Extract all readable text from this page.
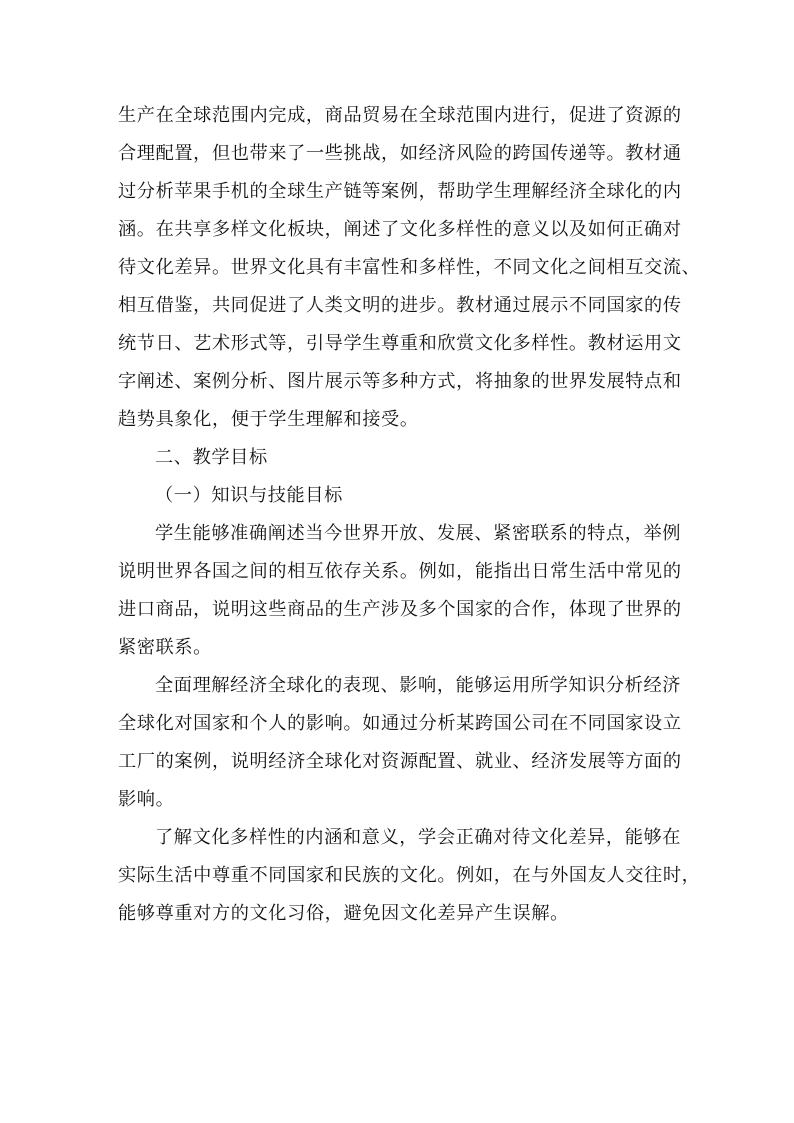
生产在全球范围内完成，商品贸易在全球范围内进行，促进了资源的
合理配置，但也带来了一些挑战，如经济风险的跨国传递等。教材通
过分析苹果手机的全球生产链等案例，帮助学生理解经济全球化的内
涵。在共享多样文化板块，阐述了文化多样性的意义以及如何正确对
待文化差异。世界文化具有丰富性和多样性，不同文化之间相互交流、
相互借鉴，共同促进了人类文明的进步。教材通过展示不同国家的传
统节日、艺术形式等，引导学生尊重和欣赏文化多样性。教材运用文
字阐述、案例分析、图片展示等多种方式，将抽象的世界发展特点和
趋势具象化，便于学生理解和接受。
二、教学目标
（一）知识与技能目标
学生能够准确阐述当今世界开放、发展、紧密联系的特点，举例
说明世界各国之间的相互依存关系。例如，能指出日常生活中常见的
进口商品，说明这些商品的生产涉及多个国家的合作，体现了世界的
紧密联系。
全面理解经济全球化的表现、影响，能够运用所学知识分析经济
全球化对国家和个人的影响。如通过分析某跨国公司在不同国家设立
工厂的案例，说明经济全球化对资源配置、就业、经济发展等方面的
影响。
了解文化多样性的内涵和意义，学会正确对待文化差异，能够在
实际生活中尊重不同国家和民族的文化。例如，在与外国友人交往时，
能够尊重对方的文化习俗，避免因文化差异产生误解。
